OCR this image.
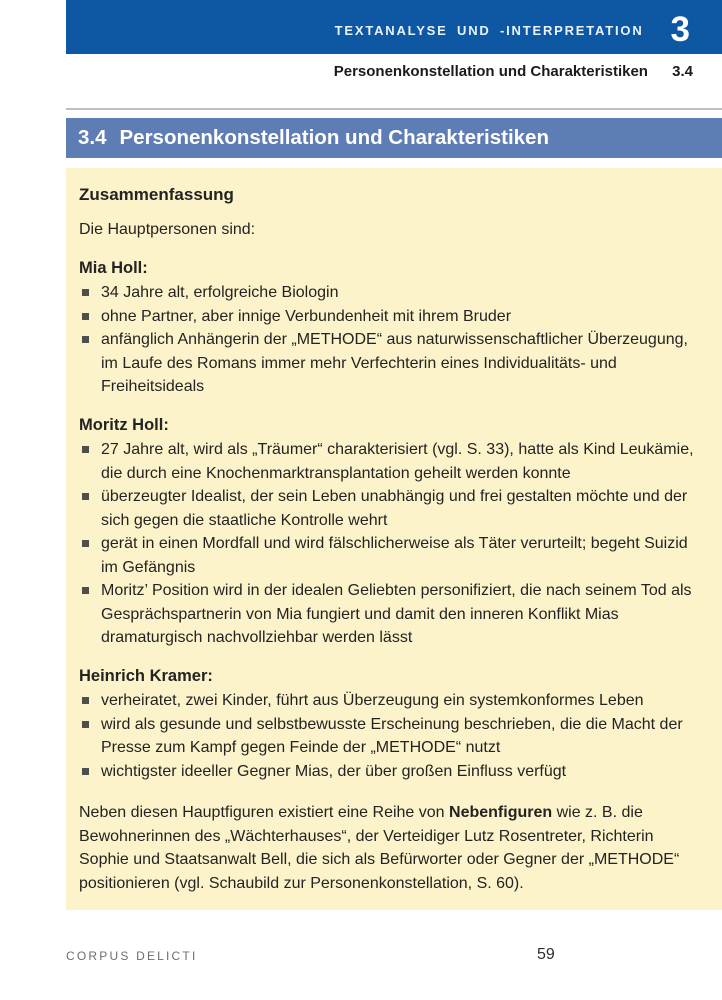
TEXTANALYSE UND -INTERPRETATION 3
Personenkonstellation und Charakteristiken 3.4
3.4 Personenkonstellation und Charakteristiken
Zusammenfassung

Die Hauptpersonen sind:

Mia Holl:
34 Jahre alt, erfolgreiche Biologin
ohne Partner, aber innige Verbundenheit mit ihrem Bruder
anfänglich Anhängerin der „METHODE“ aus naturwissenschaftlicher Überzeugung, im Laufe des Romans immer mehr Verfechterin eines Individualitäts- und Freiheitsideals
Moritz Holl:
27 Jahre alt, wird als „Träumer“ charakterisiert (vgl. S. 33), hatte als Kind Leukämie, die durch eine Knochenmarktransplantation geheilt werden konnte
überzeugter Idealist, der sein Leben unabhängig und frei gestalten möchte und der sich gegen die staatliche Kontrolle wehrt
gerät in einen Mordfall und wird fälschlicherweise als Täter verurteilt; begeht Suizid im Gefängnis
Moritz’ Position wird in der idealen Geliebten personifiziert, die nach seinem Tod als Gesprächspartnerin von Mia fungiert und damit den inneren Konflikt Mias dramaturgisch nachvollziehbar werden lässt
Heinrich Kramer:
verheiratet, zwei Kinder, führt aus Überzeugung ein systemkonformes Leben
wird als gesunde und selbstbewusste Erscheinung beschrieben, die die Macht der Presse zum Kampf gegen Feinde der „METHODE“ nutzt
wichtigster ideeller Gegner Mias, der über großen Einfluss verfügt

Neben diesen Hauptfiguren existiert eine Reihe von Nebenfiguren wie z. B. die Bewohnerinnen des „Wächterhauses“, der Verteidiger Lutz Rosentreter, Richterin Sophie und Staatsanwalt Bell, die sich als Befürworter oder Gegner der „METHODE“ positionieren (vgl. Schaubild zur Personenkonstellation, S. 60).

CORPUS DELICTI	59
